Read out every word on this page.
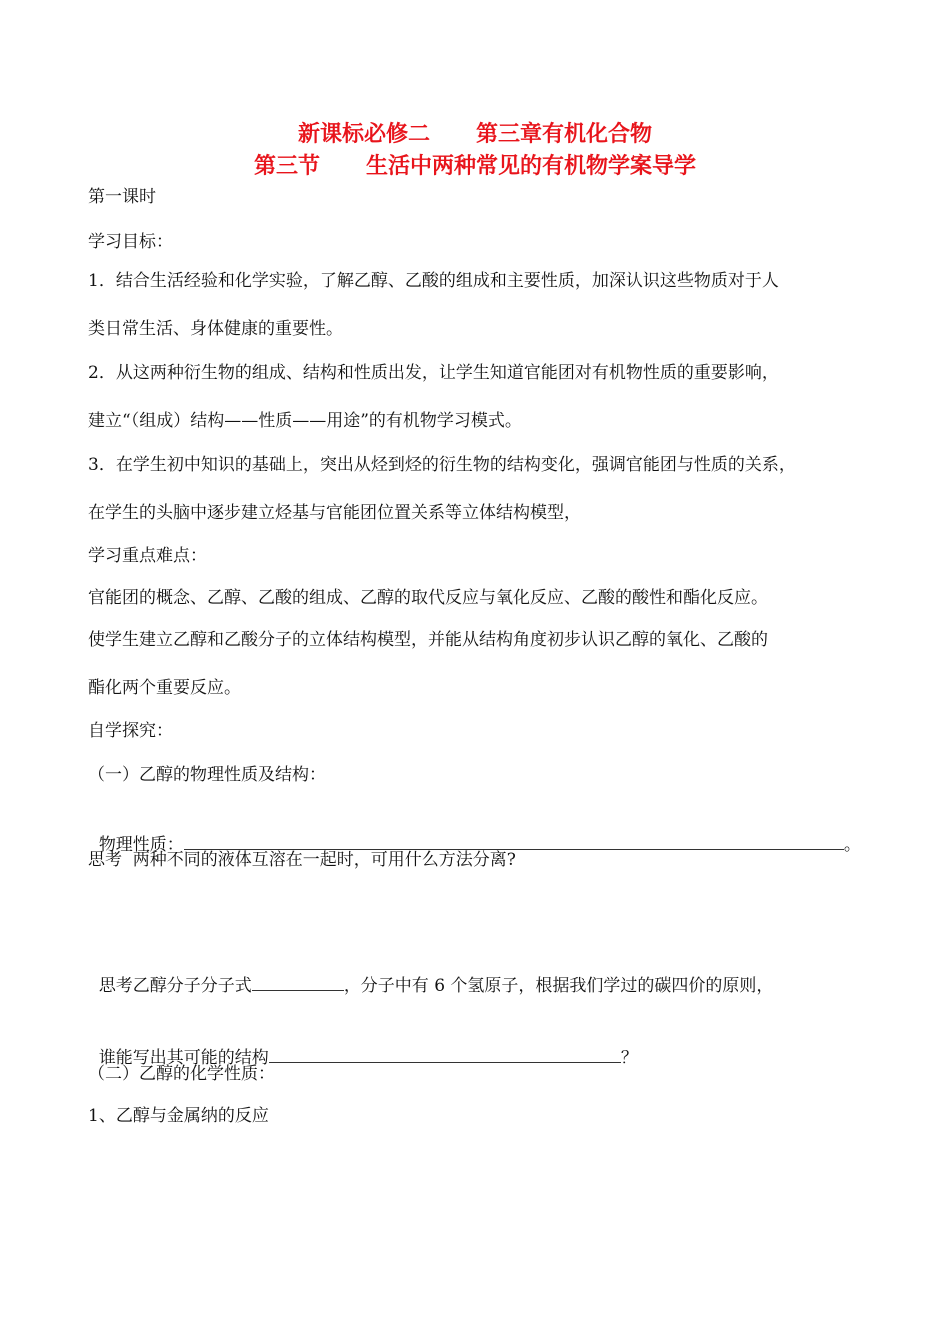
新课标必修二      第三章有机化合物
第三节      生活中两种常见的有机物学案导学
第一课时
学习目标：
1．结合生活经验和化学实验，了解乙醇、乙酸的组成和主要性质，加深认识这些物质对于人
类日常生活、身体健康的重要性。
2．从这两种衍生物的组成、结构和性质出发，让学生知道官能团对有机物性质的重要影响，
建立“（组成）结构——性质——用途”的有机物学习模式。
3．在学生初中知识的基础上，突出从烃到烃的衍生物的结构变化，强调官能团与性质的关系，
在学生的头脑中逐步建立烃基与官能团位置关系等立体结构模型，
学习重点难点：
官能团的概念、乙醇、乙酸的组成、乙醇的取代反应与氧化反应、乙酸的酸性和酯化反应。
使学生建立乙醇和乙酸分子的立体结构模型，并能从结构角度初步认识乙醇的氧化、乙酸的
酯化两个重要反应。
自学探究：
（一）乙醇的物理性质及结构：

物理性质：	。

思考  两种不同的液体互溶在一起时，可用什么方法分离?

思考乙醇分子分子式	，分子中有 6 个氢原子，根据我们学过的碳四价的原则，

谁能写出其可能的结构	？

（二）乙醇的化学性质：
1、乙醇与金属纳的反应
